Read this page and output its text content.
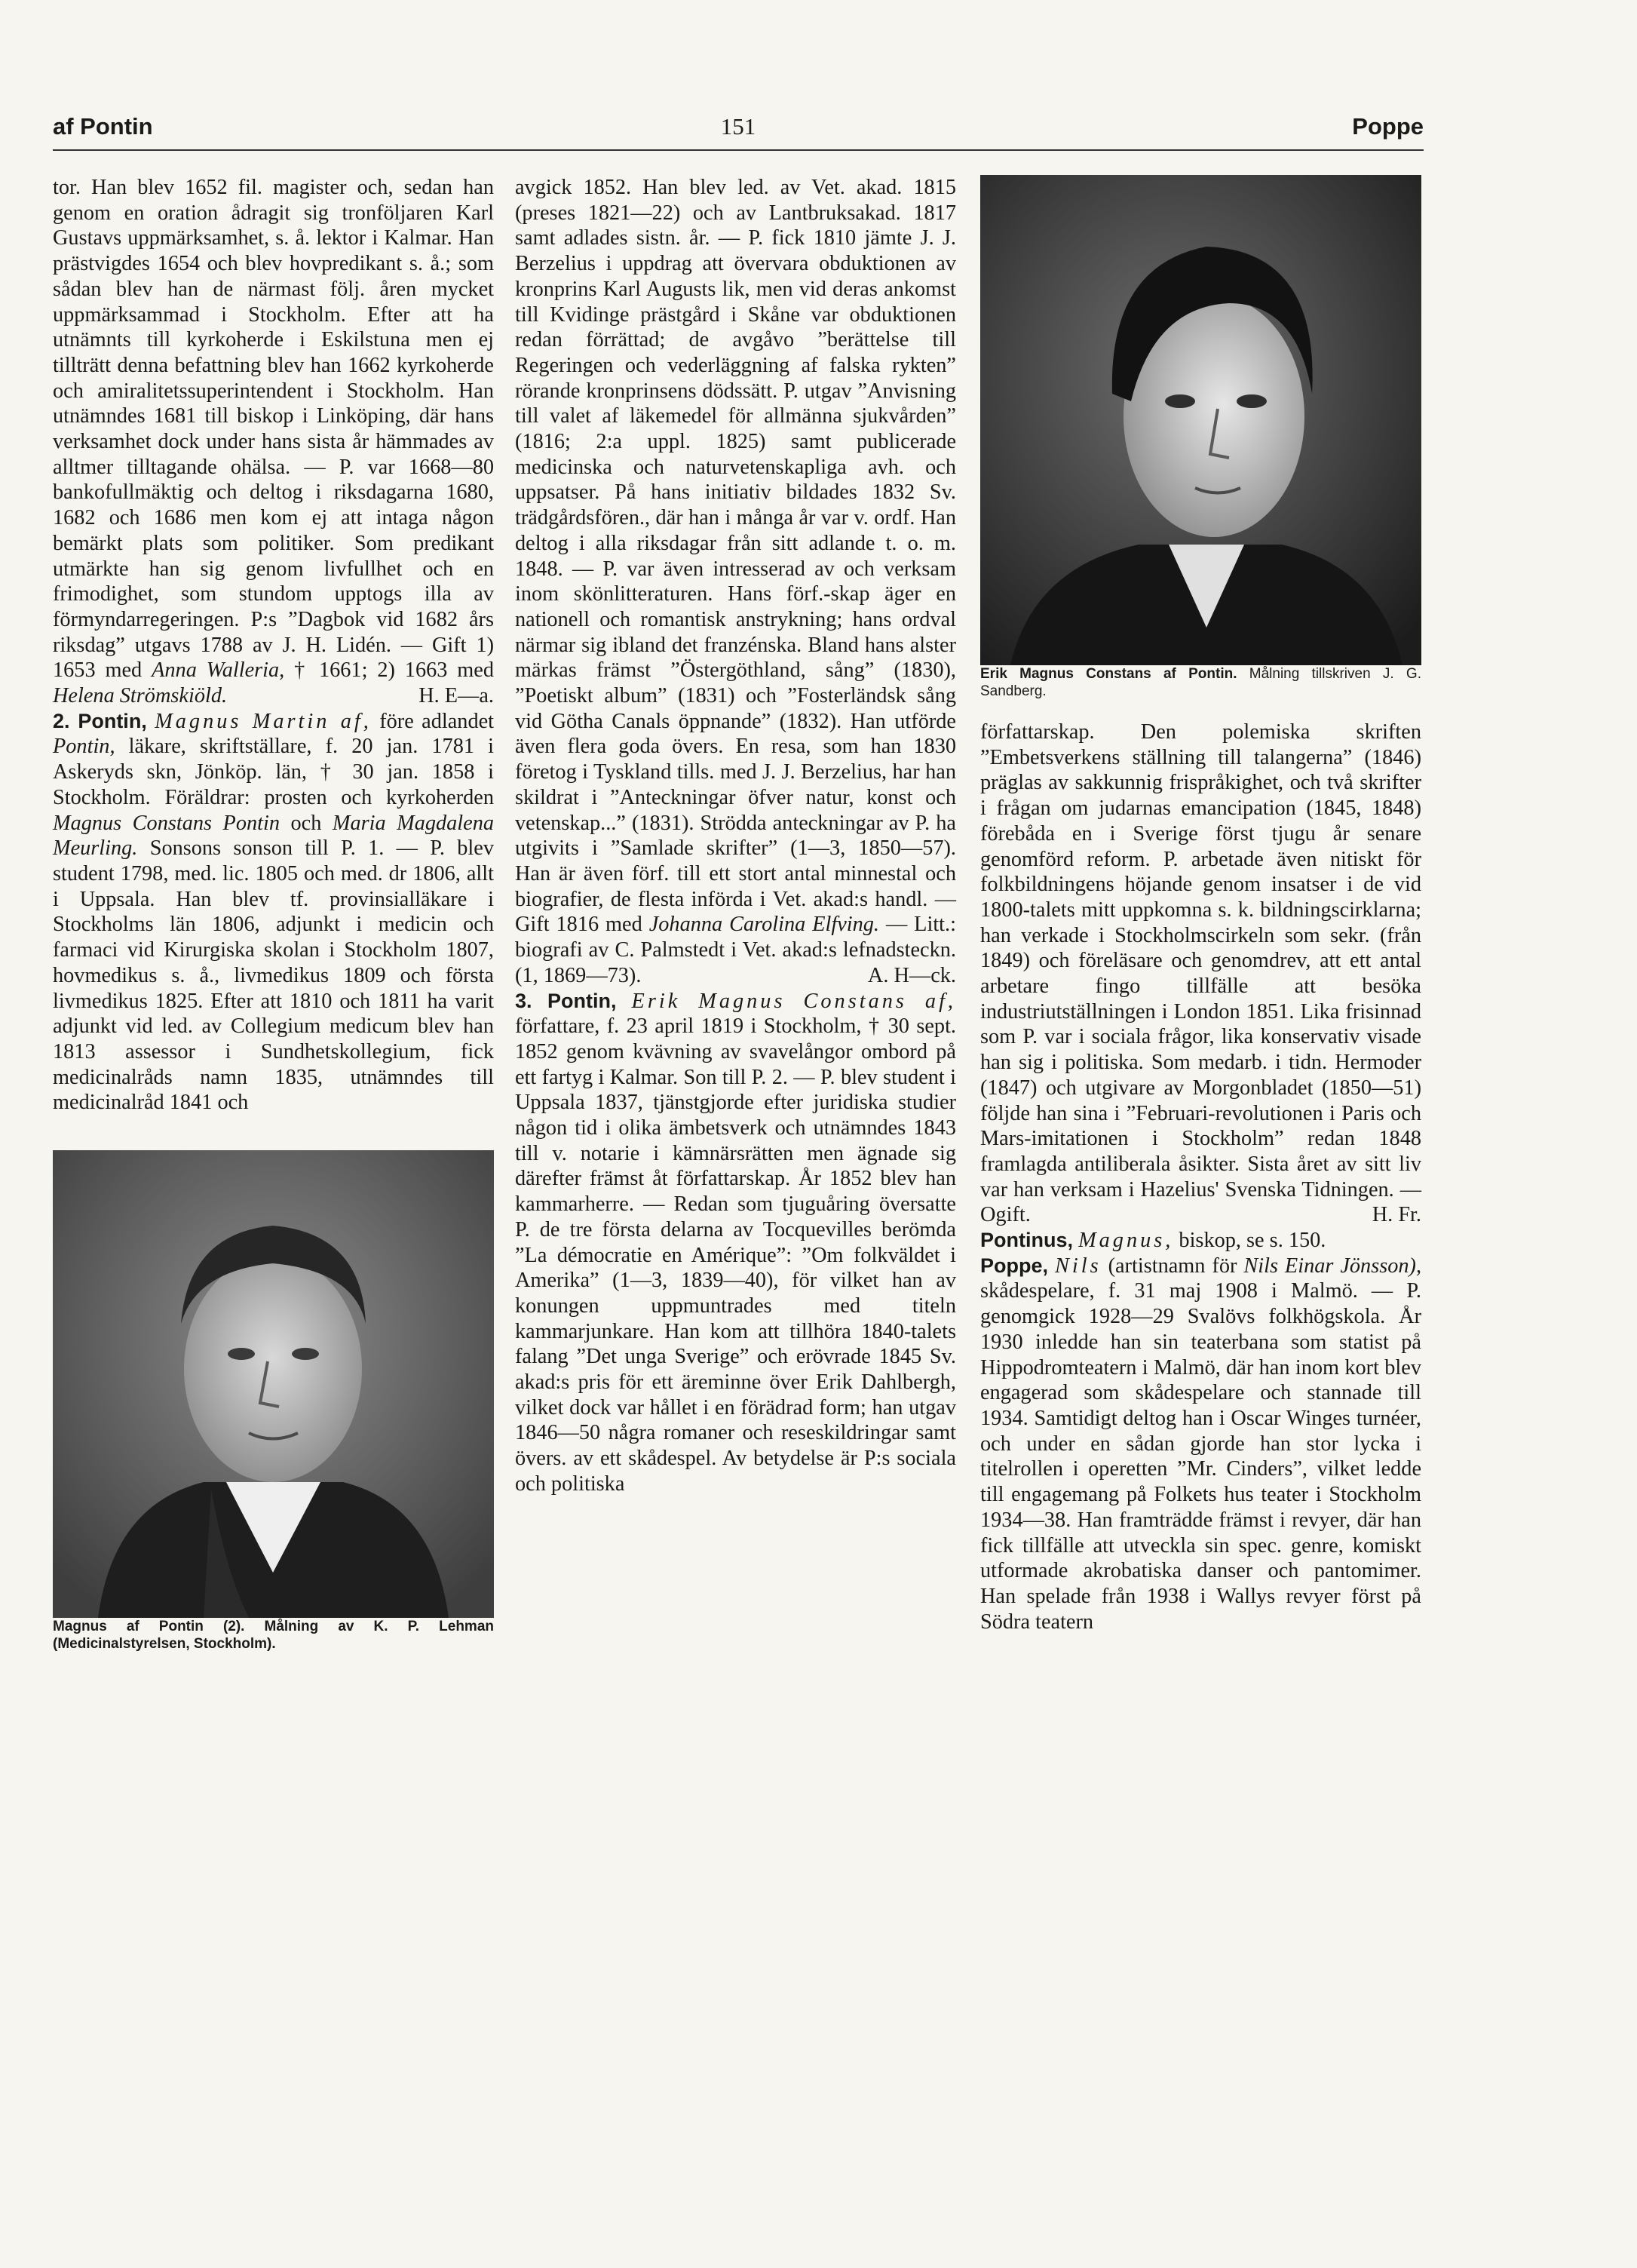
af Pontin	151	Poppe

tor. Han blev 1652 fil. magister och, sedan han genom en oration ådragit sig tronföljaren Karl Gustavs uppmärksamhet, s. å. lektor i Kalmar. Han prästvigdes 1654 och blev hovpredikant s. å.; som sådan blev han de närmast följ. åren mycket uppmärksammad i Stockholm. Efter att ha utnämnts till kyrkoherde i Eskilstuna men ej tillträtt denna befattning blev han 1662 kyrkoherde och amiralitetssuperintendent i Stockholm. Han utnämndes 1681 till biskop i Linköping, där hans verksamhet dock under hans sista år hämmades av alltmer tilltagande ohälsa. — P. var 1668—80 bankofullmäktig och deltog i riksdagarna 1680, 1682 och 1686 men kom ej att intaga någon bemärkt plats som politiker. Som predikant utmärkte han sig genom livfullhet och en frimodighet, som stundom upptogs illa av förmyndarregeringen. P:s ”Dagbok vid 1682 års riksdag” utgavs 1788 av J. H. Lidén. — Gift 1) 1653 med Anna Walleria, † 1661; 2) 1663 med Helena Strömskiöld.	H. E—a.

2. Pontin, Magnus Martin af, före adlandet Pontin, läkare, skriftställare, f. 20 jan. 1781 i Askeryds skn, Jönköp. län, † 30 jan. 1858 i Stockholm. Föräldrar: prosten och kyrkoherden Magnus Constans Pontin och Maria Magdalena Meurling. Sonsons sonson till P. 1. — P. blev student 1798, med. lic. 1805 och med. dr 1806, allt i Uppsala. Han blev tf. provinsialläkare i Stockholms län 1806, adjunkt i medicin och farmaci vid Kirurgiska skolan i Stockholm 1807, hovmedikus s. å., livmedikus 1809 och första livmedikus 1825. Efter att 1810 och 1811 ha varit adjunkt vid led. av Collegium medicum blev han 1813 assessor i Sundhetskollegium, fick medicinalråds namn 1835, utnämndes till medicinalråd 1841 och

Magnus af Pontin (2). Målning av K. P. Lehman (Medicinalstyrelsen, Stockholm).

avgick 1852. Han blev led. av Vet. akad. 1815 (preses 1821—22) och av Lantbruksakad. 1817 samt adlades sistn. år. — P. fick 1810 jämte J. J. Berzelius i uppdrag att övervara obduktionen av kronprins Karl Augusts lik, men vid deras ankomst till Kvidinge prästgård i Skåne var obduktionen redan förrättad; de avgåvo ”berättelse till Regeringen och vederläggning af falska rykten” rörande kronprinsens dödssätt. P. utgav ”Anvisning till valet af läkemedel för allmänna sjukvården” (1816; 2:a uppl. 1825) samt publicerade medicinska och naturvetenskapliga avh. och uppsatser. På hans initiativ bildades 1832 Sv. trädgårdsfören., där han i många år var v. ordf. Han deltog i alla riksdagar från sitt adlande t. o. m. 1848. — P. var även intresserad av och verksam inom skönlitteraturen. Hans förf.-skap äger en nationell och romantisk anstrykning; hans ordval närmar sig ibland det franzénska. Bland hans alster märkas främst ”Östergöthland, sång” (1830), ”Poetiskt album” (1831) och ”Fosterländsk sång vid Götha Canals öppnande” (1832). Han utförde även flera goda övers. En resa, som han 1830 företog i Tyskland tills. med J. J. Berzelius, har han skildrat i ”Anteckningar öfver natur, konst och vetenskap...” (1831). Strödda anteckningar av P. ha utgivits i ”Samlade skrifter” (1—3, 1850—57). Han är även förf. till ett stort antal minnestal och biografier, de flesta införda i Vet. akad:s handl. — Gift 1816 med Johanna Carolina Elfving. — Litt.: biografi av C. Palmstedt i Vet. akad:s lefnadsteckn. (1, 1869—73).	A. H—ck.

3. Pontin, Erik Magnus Constans af, författare, f. 23 april 1819 i Stockholm, † 30 sept. 1852 genom kvävning av svavelångor ombord på ett fartyg i Kalmar. Son till P. 2. — P. blev student i Uppsala 1837, tjänstgjorde efter juridiska studier någon tid i olika ämbetsverk och utnämndes 1843 till v. notarie i kämnärsrätten men ägnade sig därefter främst åt författarskap. År 1852 blev han kammarherre. — Redan som tjuguåring översatte P. de tre första delarna av Tocquevilles berömda ”La démocratie en Amérique”: ”Om folkväldet i Amerika” (1—3, 1839—40), för vilket han av konungen uppmuntrades med titeln kammarjunkare. Han kom att tillhöra 1840-talets falang ”Det unga Sverige” och erövrade 1845 Sv. akad:s pris för ett äreminne över Erik Dahlbergh, vilket dock var hållet i en förädrad form; han utgav 1846—50 några romaner och reseskildringar samt övers. av ett skådespel. Av betydelse är P:s sociala och politiska

Erik Magnus Constans af Pontin. Målning tillskriven J. G. Sandberg.

författarskap. Den polemiska skriften ”Embetsverkens ställning till talangerna” (1846) präglas av sakkunnig frispråkighet, och två skrifter i frågan om judarnas emancipation (1845, 1848) förebåda en i Sverige först tjugu år senare genomförd reform. P. arbetade även nitiskt för folkbildningens höjande genom insatser i de vid 1800-talets mitt uppkomna s. k. bildningscirklarna; han verkade i Stockholmscirkeln som sekr. (från 1849) och föreläsare och genomdrev, att ett antal arbetare fingo tillfälle att besöka industriutställningen i London 1851. Lika frisinnad som P. var i sociala frågor, lika konservativ visade han sig i politiska. Som medarb. i tidn. Hermoder (1847) och utgivare av Morgonbladet (1850—51) följde han sina i ”Februari-revolutionen i Paris och Mars-imitationen i Stockholm” redan 1848 framlagda antiliberala åsikter. Sista året av sitt liv var han verksam i Hazelius' Svenska Tidningen. — Ogift.	H. Fr.

Pontinus, Magnus, biskop, se s. 150.

Poppe, Nils (artistnamn för Nils Einar Jönsson), skådespelare, f. 31 maj 1908 i Malmö. — P. genomgick 1928—29 Svalövs folkhögskola. År 1930 inledde han sin teaterbana som statist på Hippodromteatern i Malmö, där han inom kort blev engagerad som skådespelare och stannade till 1934. Samtidigt deltog han i Oscar Winges turnéer, och under en sådan gjorde han stor lycka i titelrollen i operetten ”Mr. Cinders”, vilket ledde till engagemang på Folkets hus teater i Stockholm 1934—38. Han framträdde främst i revyer, där han fick tillfälle att utveckla sin spec. genre, komiskt utformade akrobatiska danser och pantomimer. Han spelade från 1938 i Wallys revyer först på Södra teatern
